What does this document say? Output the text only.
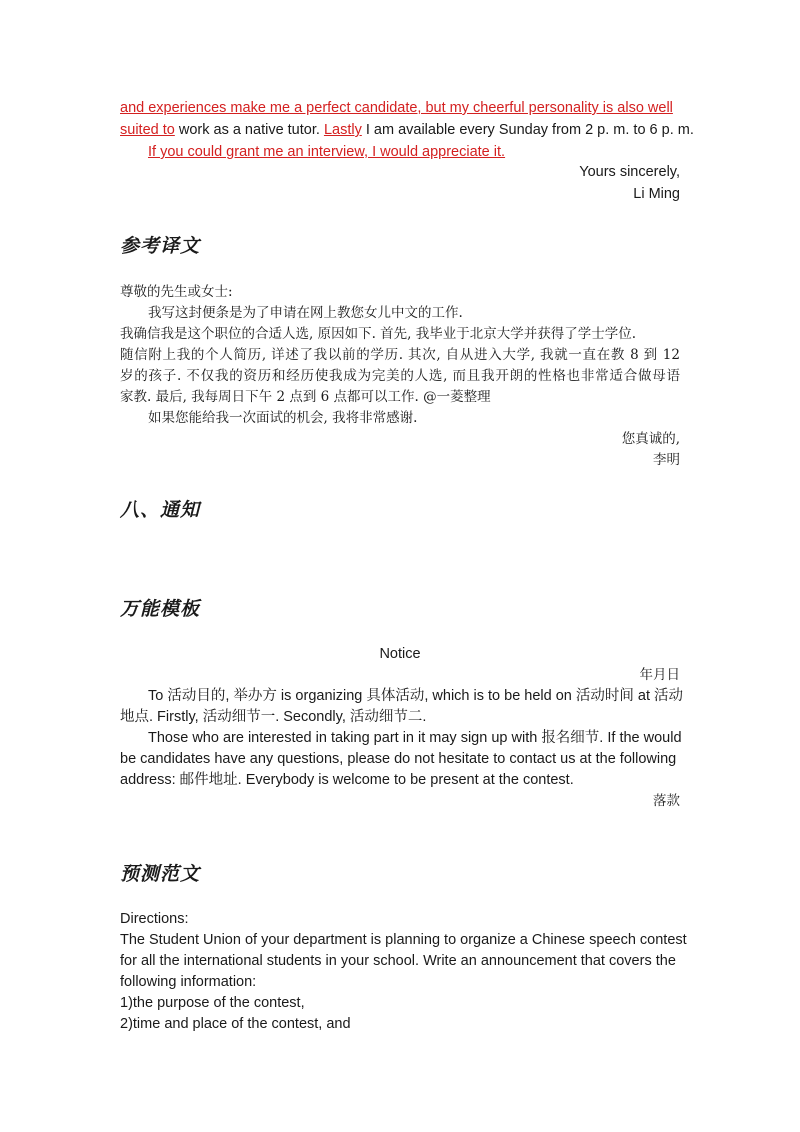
and experiences make me a perfect candidate, but my cheerful personality is also well
suited to work as a native tutor. Lastly I am available every Sunday from 2 p. m. to 6 p. m.
If you could grant me an interview, I would appreciate it.
Yours sincerely,
Li Ming
参考译文
尊敬的先生或女士:
我写这封便条是为了申请在网上教您女儿中文的工作.
我确信我是这个职位的合适人选, 原因如下. 首先, 我毕业于北京大学并获得了学士学位.
随信附上我的个人简历, 详述了我以前的学历. 其次, 自从进入大学, 我就一直在教 8 到 12
岁的孩子. 不仅我的资历和经历使我成为完美的人选, 而且我开朗的性格也非常适合做母语
家教. 最后, 我每周日下午 2 点到 6 点都可以工作. @一菱整理
如果您能给我一次面试的机会, 我将非常感谢.
您真诚的,
李明
八、通知
万能模板
Notice
年月日
To 活动目的, 举办方 is organizing 具体活动, which is to be held on 活动时间 at 活动
地点. Firstly, 活动细节一. Secondly, 活动细节二.
Those who are interested in taking part in it may sign up with 报名细节. If the would
be candidates have any questions, please do not hesitate to contact us at the following
address: 邮件地址. Everybody is welcome to be present at the contest.
落款
预测范文
Directions:
The Student Union of your department is planning to organize a Chinese speech contest
for all the international students in your school. Write an announcement that covers the
following information:
1)the purpose of the contest,
2)time and place of the contest, and
